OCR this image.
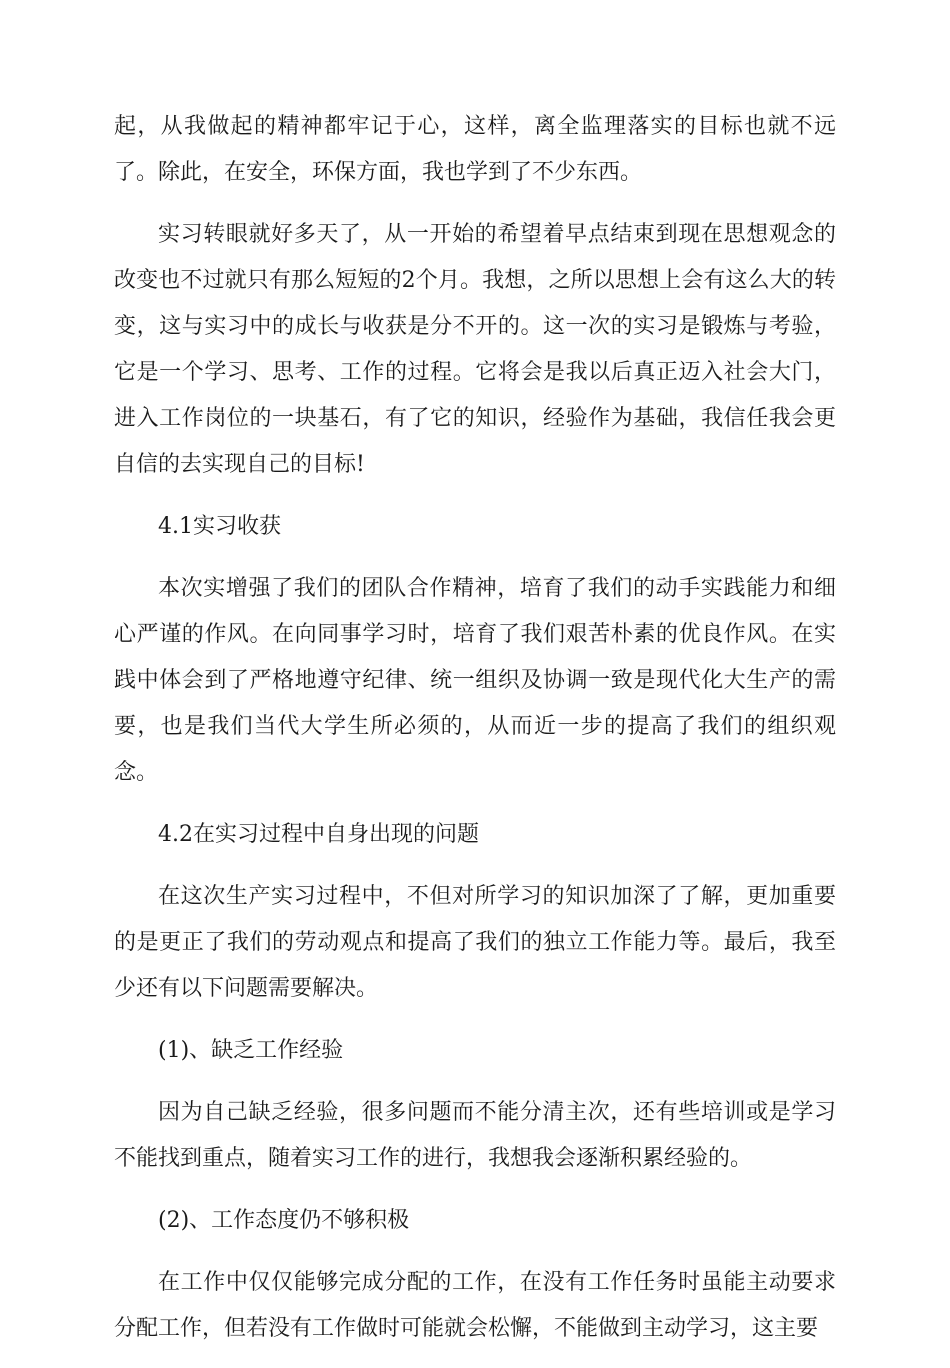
起，从我做起的精神都牢记于心，这样，离全监理落实的目标也就不远了。除此，在安全，环保方面，我也学到了不少东西。

实习转眼就好多天了，从一开始的希望着早点结束到现在思想观念的改变也不过就只有那么短短的2个月。我想，之所以思想上会有这么大的转变，这与实习中的成长与收获是分不开的。这一次的实习是锻炼与考验，它是一个学习、思考、工作的过程。它将会是我以后真正迈入社会大门，进入工作岗位的一块基石，有了它的知识，经验作为基础，我信任我会更自信的去实现自己的目标!

4.1实习收获

本次实增强了我们的团队合作精神，培育了我们的动手实践能力和细心严谨的作风。在向同事学习时，培育了我们艰苦朴素的优良作风。在实践中体会到了严格地遵守纪律、统一组织及协调一致是现代化大生产的需要，也是我们当代大学生所必须的，从而近一步的提高了我们的组织观念。

4.2在实习过程中自身出现的问题

在这次生产实习过程中，不但对所学习的知识加深了了解，更加重要的是更正了我们的劳动观点和提高了我们的独立工作能力等。最后，我至少还有以下问题需要解决。

(1)、缺乏工作经验

因为自己缺乏经验，很多问题而不能分清主次，还有些培训或是学习不能找到重点，随着实习工作的进行，我想我会逐渐积累经验的。

(2)、工作态度仍不够积极

在工作中仅仅能够完成分配的工作，在没有工作任务时虽能主动要求分配工作，但若没有工作做时可能就会松懈，不能做到主动学习，这主要
